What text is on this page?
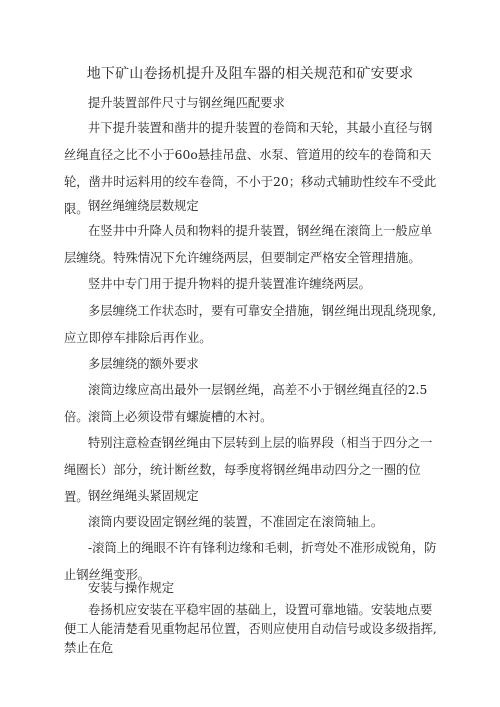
地下矿山卷扬机提升及阻车器的相关规范和矿安要求

提升装置部件尺寸与钢丝绳匹配要求

井下提升装置和凿井的提升装置的卷筒和天轮，其最小直径与钢丝绳直径之比不小于60o悬挂吊盘、水泵、管道用的绞车的卷筒和天轮，凿井时运料用的绞车卷筒，不小于20；移动式辅助性绞车不受此限。 钢丝绳缠绕层数规定

在竖井中升降人员和物料的提升装置，钢丝绳在滚筒上一般应单层缠绕。特殊情况下允许缠绕两层，但要制定严格安全管理措施。

竖井中专门用于提升物料的提升装置准许缠绕两层。

多层缠绕工作状态时，要有可靠安全措施，钢丝绳出现乱绕现象,应立即停车排除后再作业。

多层缠绕的额外要求

滚筒边缘应高出最外一层钢丝绳，高差不小于钢丝绳直径的2.5倍。 滚筒上必须设带有螺旋槽的木衬。

特别注意检查钢丝绳由下层转到上层的临界段（相当于四分之一绳圈长）部分，统计断丝数，每季度将钢丝绳串动四分之一圈的位置。 钢丝绳绳头紧固规定

滚筒内要设固定钢丝绳的装置，不准固定在滚筒轴上。

-滚筒上的绳眼不许有锋利边缘和毛刺，折弯处不准形成锐角，防止钢丝绳变形。

安装与操作规定

卷扬机应安装在平稳牢固的基础上，设置可靠地锚。安装地点要便工人能清楚看见重物起吊位置，否则应使用自动信号或设多级指挥,禁止在危
